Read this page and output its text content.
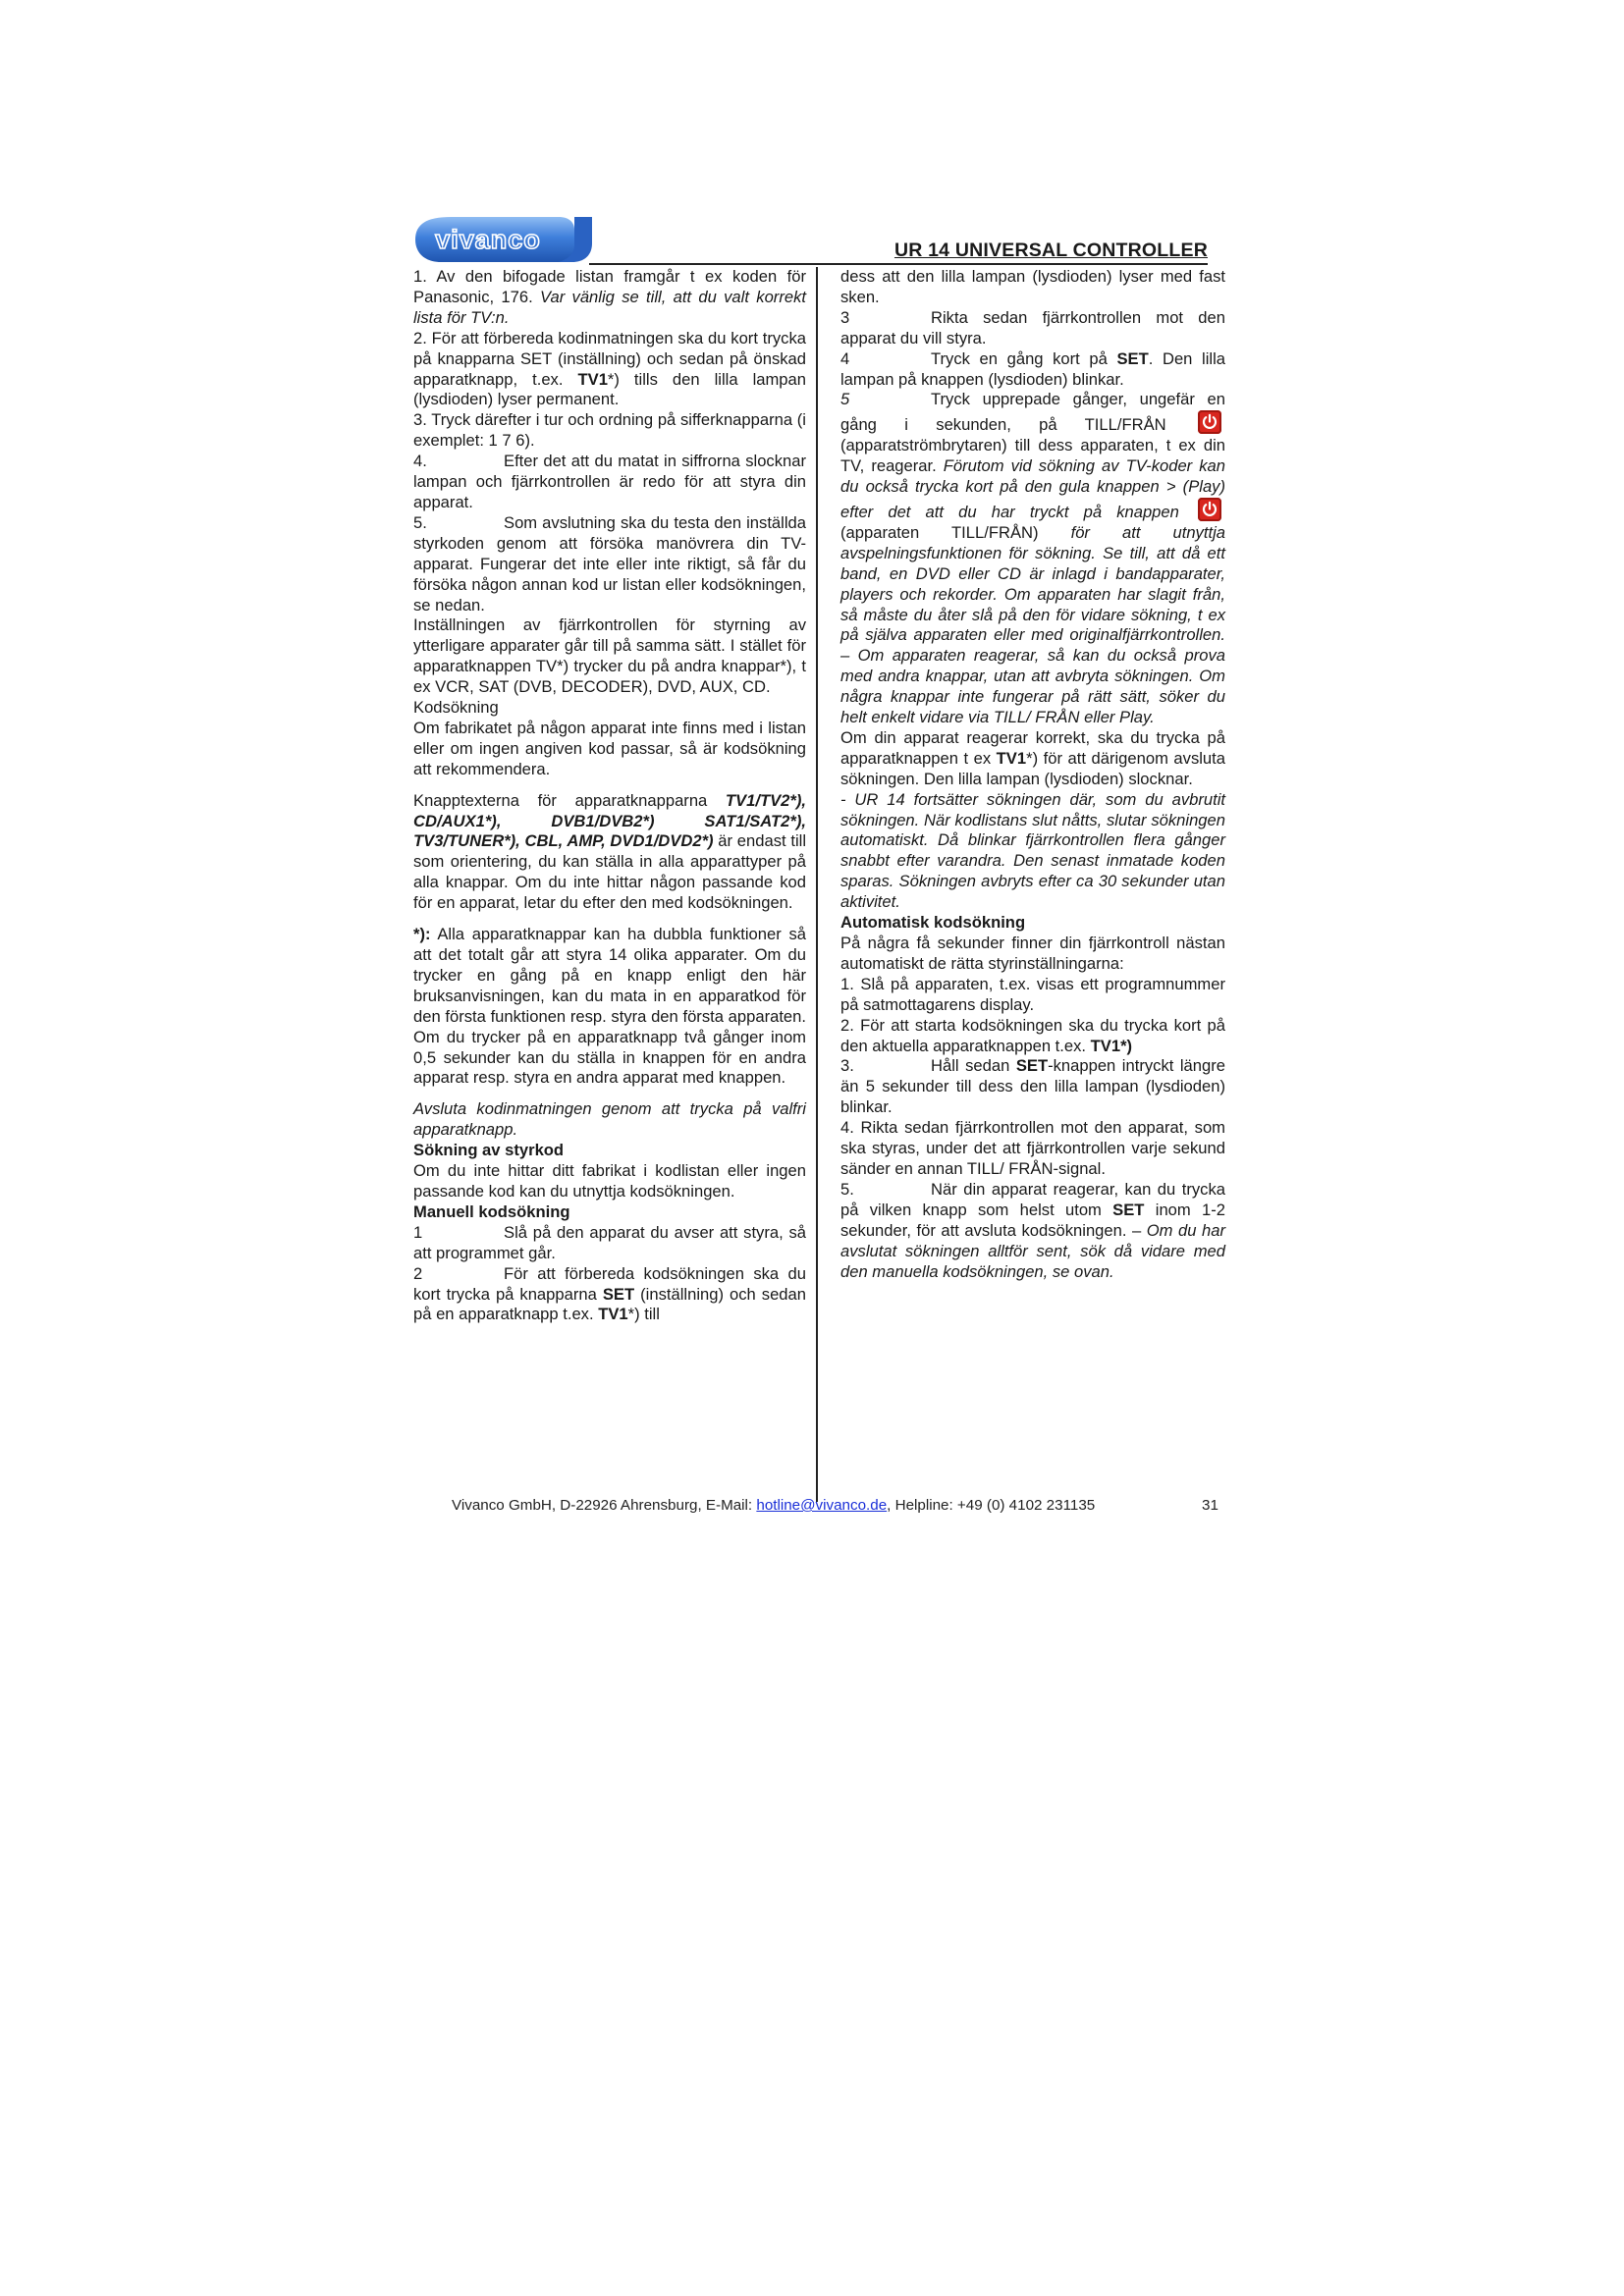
vivanco	UR 14 UNIVERSAL CONTROLLER

1. Av den bifogade listan framgår t ex koden för Panasonic, 176. Var vänlig se till, att du valt korrekt lista för TV:n.

2. För att förbereda kodinmatningen ska du kort trycka på knapparna SET (inställning) och sedan på önskad apparatknapp, t.ex. TV1*) tills den lilla lampan (lysdioden) lyser permanent.

3. Tryck därefter i tur och ordning på sifferknapparna (i exemplet: 1 7 6).

4.	Efter det att du matat in siffrorna slocknar lampan och fjärrkontrollen är redo för att styra din apparat.

5.	Som avslutning ska du testa den inställda styrkoden genom att försöka manövrera din TV-apparat. Fungerar det inte eller inte riktigt, så får du försöka någon annan kod ur listan eller kodsökningen, se nedan.

Inställningen av fjärrkontrollen för styrning av ytterligare apparater går till på samma sätt. I stället för apparatknappen TV*) trycker du på andra knappar*), t ex VCR, SAT (DVB, DECODER), DVD, AUX, CD.

Kodsökning

Om fabrikatet på någon apparat inte finns med i listan eller om ingen angiven kod passar, så är kodsökning att rekommendera.

Knapptexterna för apparatknapparna TV1/TV2*), CD/AUX1*), DVB1/DVB2*) SAT1/SAT2*), TV3/TUNER*), CBL, AMP, DVD1/DVD2*) är endast till som orientering, du kan ställa in alla apparattyper på alla knappar. Om du inte hittar någon passande kod för en apparat, letar du efter den med kodsökningen.

*): Alla apparatknappar kan ha dubbla funktioner så att det totalt går att styra 14 olika apparater. Om du trycker en gång på en knapp enligt den här bruksanvisningen, kan du mata in en apparatkod för den första funktionen resp. styra den första apparaten. Om du trycker på en apparatknapp två gånger inom 0,5 sekunder kan du ställa in knappen för en andra apparat resp. styra en andra apparat med knappen.

Avsluta kodinmatningen genom att trycka på valfri apparatknapp.

Sökning av styrkod

Om du inte hittar ditt fabrikat i kodlistan eller ingen passande kod kan du utnyttja kodsökningen.

Manuell kodsökning

1	Slå på den apparat du avser att styra, så att programmet går.

2	För att förbereda kodsökningen ska du kort trycka på knapparna SET (inställning) och sedan på en apparatknapp t.ex. TV1*) till

dess att den lilla lampan (lysdioden) lyser med fast sken.

3	Rikta sedan fjärrkontrollen mot den apparat du vill styra.

4	Tryck en gång kort på SET. Den lilla lampan på knappen (lysdioden) blinkar.

5	Tryck upprepade gånger, ungefär en gång i sekunden, på TILL/FRÅN
(apparatströmbrytaren) till dess apparaten, t ex din TV, reagerar. Förutom vid sökning av TV-koder kan du också trycka kort på den gula knappen > (Play) efter det att du har tryckt på knappen
(apparaten TILL/FRÅN) för att utnyttja avspelningsfunktionen för sökning. Se till, att då ett band, en DVD eller CD är inlagd i bandapparater, players och rekorder. Om apparaten har slagit från, så måste du åter slå på den för vidare sökning, t ex på själva apparaten eller med originalfjärrkontrollen. – Om apparaten reagerar, så kan du också prova med andra knappar, utan att avbryta sökningen. Om några knappar inte fungerar på rätt sätt, söker du helt enkelt vidare via TILL/ FRÅN eller Play.

Om din apparat reagerar korrekt, ska du trycka på apparatknappen t ex TV1*) för att därigenom avsluta sökningen. Den lilla lampan (lysdioden) slocknar.

- UR 14 fortsätter sökningen där, som du avbrutit sökningen. När kodlistans slut nåtts, slutar sökningen automatiskt. Då blinkar fjärrkontrollen flera gånger snabbt efter varandra. Den senast inmatade koden sparas. Sökningen avbryts efter ca 30 sekunder utan aktivitet.

Automatisk kodsökning

På några få sekunder finner din fjärrkontroll nästan automatiskt de rätta styrinställningarna:

1. Slå på apparaten, t.ex. visas ett programnummer på satmottagarens display.

2. För att starta kodsökningen ska du trycka kort på den aktuella apparatknappen t.ex. TV1*)

3.	Håll sedan SET-knappen intryckt längre än 5 sekunder till dess den lilla lampan (lysdioden) blinkar.

4. Rikta sedan fjärrkontrollen mot den apparat, som ska styras, under det att fjärrkontrollen varje sekund sänder en annan TILL/ FRÅN-signal.

5.	När din apparat reagerar, kan du trycka på vilken knapp som helst utom SET inom 1-2 sekunder, för att avsluta kodsökningen. – Om du har avslutat sökningen alltför sent, sök då vidare med den manuella kodsökningen, se ovan.

Vivanco GmbH, D-22926 Ahrensburg, E-Mail: hotline@vivanco.de, Helpline: +49 (0) 4102 231135	31
